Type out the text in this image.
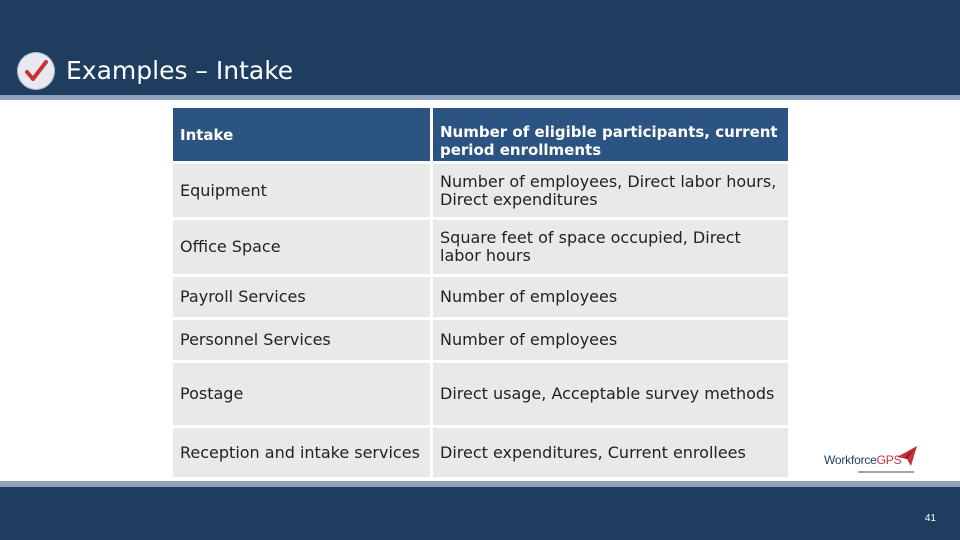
Examples – Intake
Intake	Number of eligible participants, current period enrollments
Equipment	Number of employees, Direct labor hours, Direct expenditures
Office Space	Square feet of space occupied, Direct labor hours
Payroll Services	Number of employees
Personnel Services	Number of employees
Postage	Direct usage, Acceptable survey methods
Reception and intake services	Direct expenditures, Current enrollees	WorkforceGPS
41
